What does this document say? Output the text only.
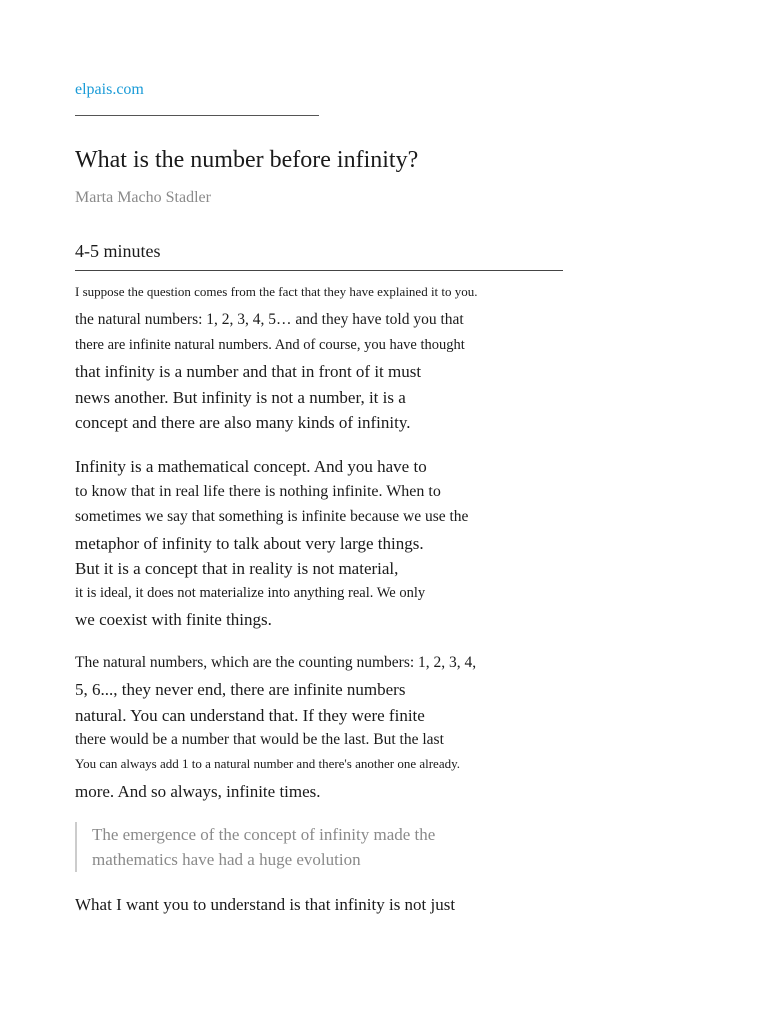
elpais.com
What is the number before infinity?
Marta Macho Stadler
4-5 minutes
I suppose the question comes from the fact that they have explained it to you.
the natural numbers: 1, 2, 3, 4, 5… and they have told you that
there are infinite natural numbers. And of course, you have thought
that infinity is a number and that in front of it must
news another. But infinity is not a number, it is a
concept and there are also many kinds of infinity.
Infinity is a mathematical concept. And you have to
to know that in real life there is nothing infinite. When to
sometimes we say that something is infinite because we use the
metaphor of infinity to talk about very large things.
But it is a concept that in reality is not material,
it is ideal, it does not materialize into anything real. We only
we coexist with finite things.
The natural numbers, which are the counting numbers: 1, 2, 3, 4,
5, 6..., they never end, there are infinite numbers
natural. You can understand that. If they were finite
there would be a number that would be the last. But the last
You can always add 1 to a natural number and there's another one already.
more. And so always, infinite times.
The emergence of the concept of infinity made the
mathematics have had a huge evolution
What I want you to understand is that infinity is not just
